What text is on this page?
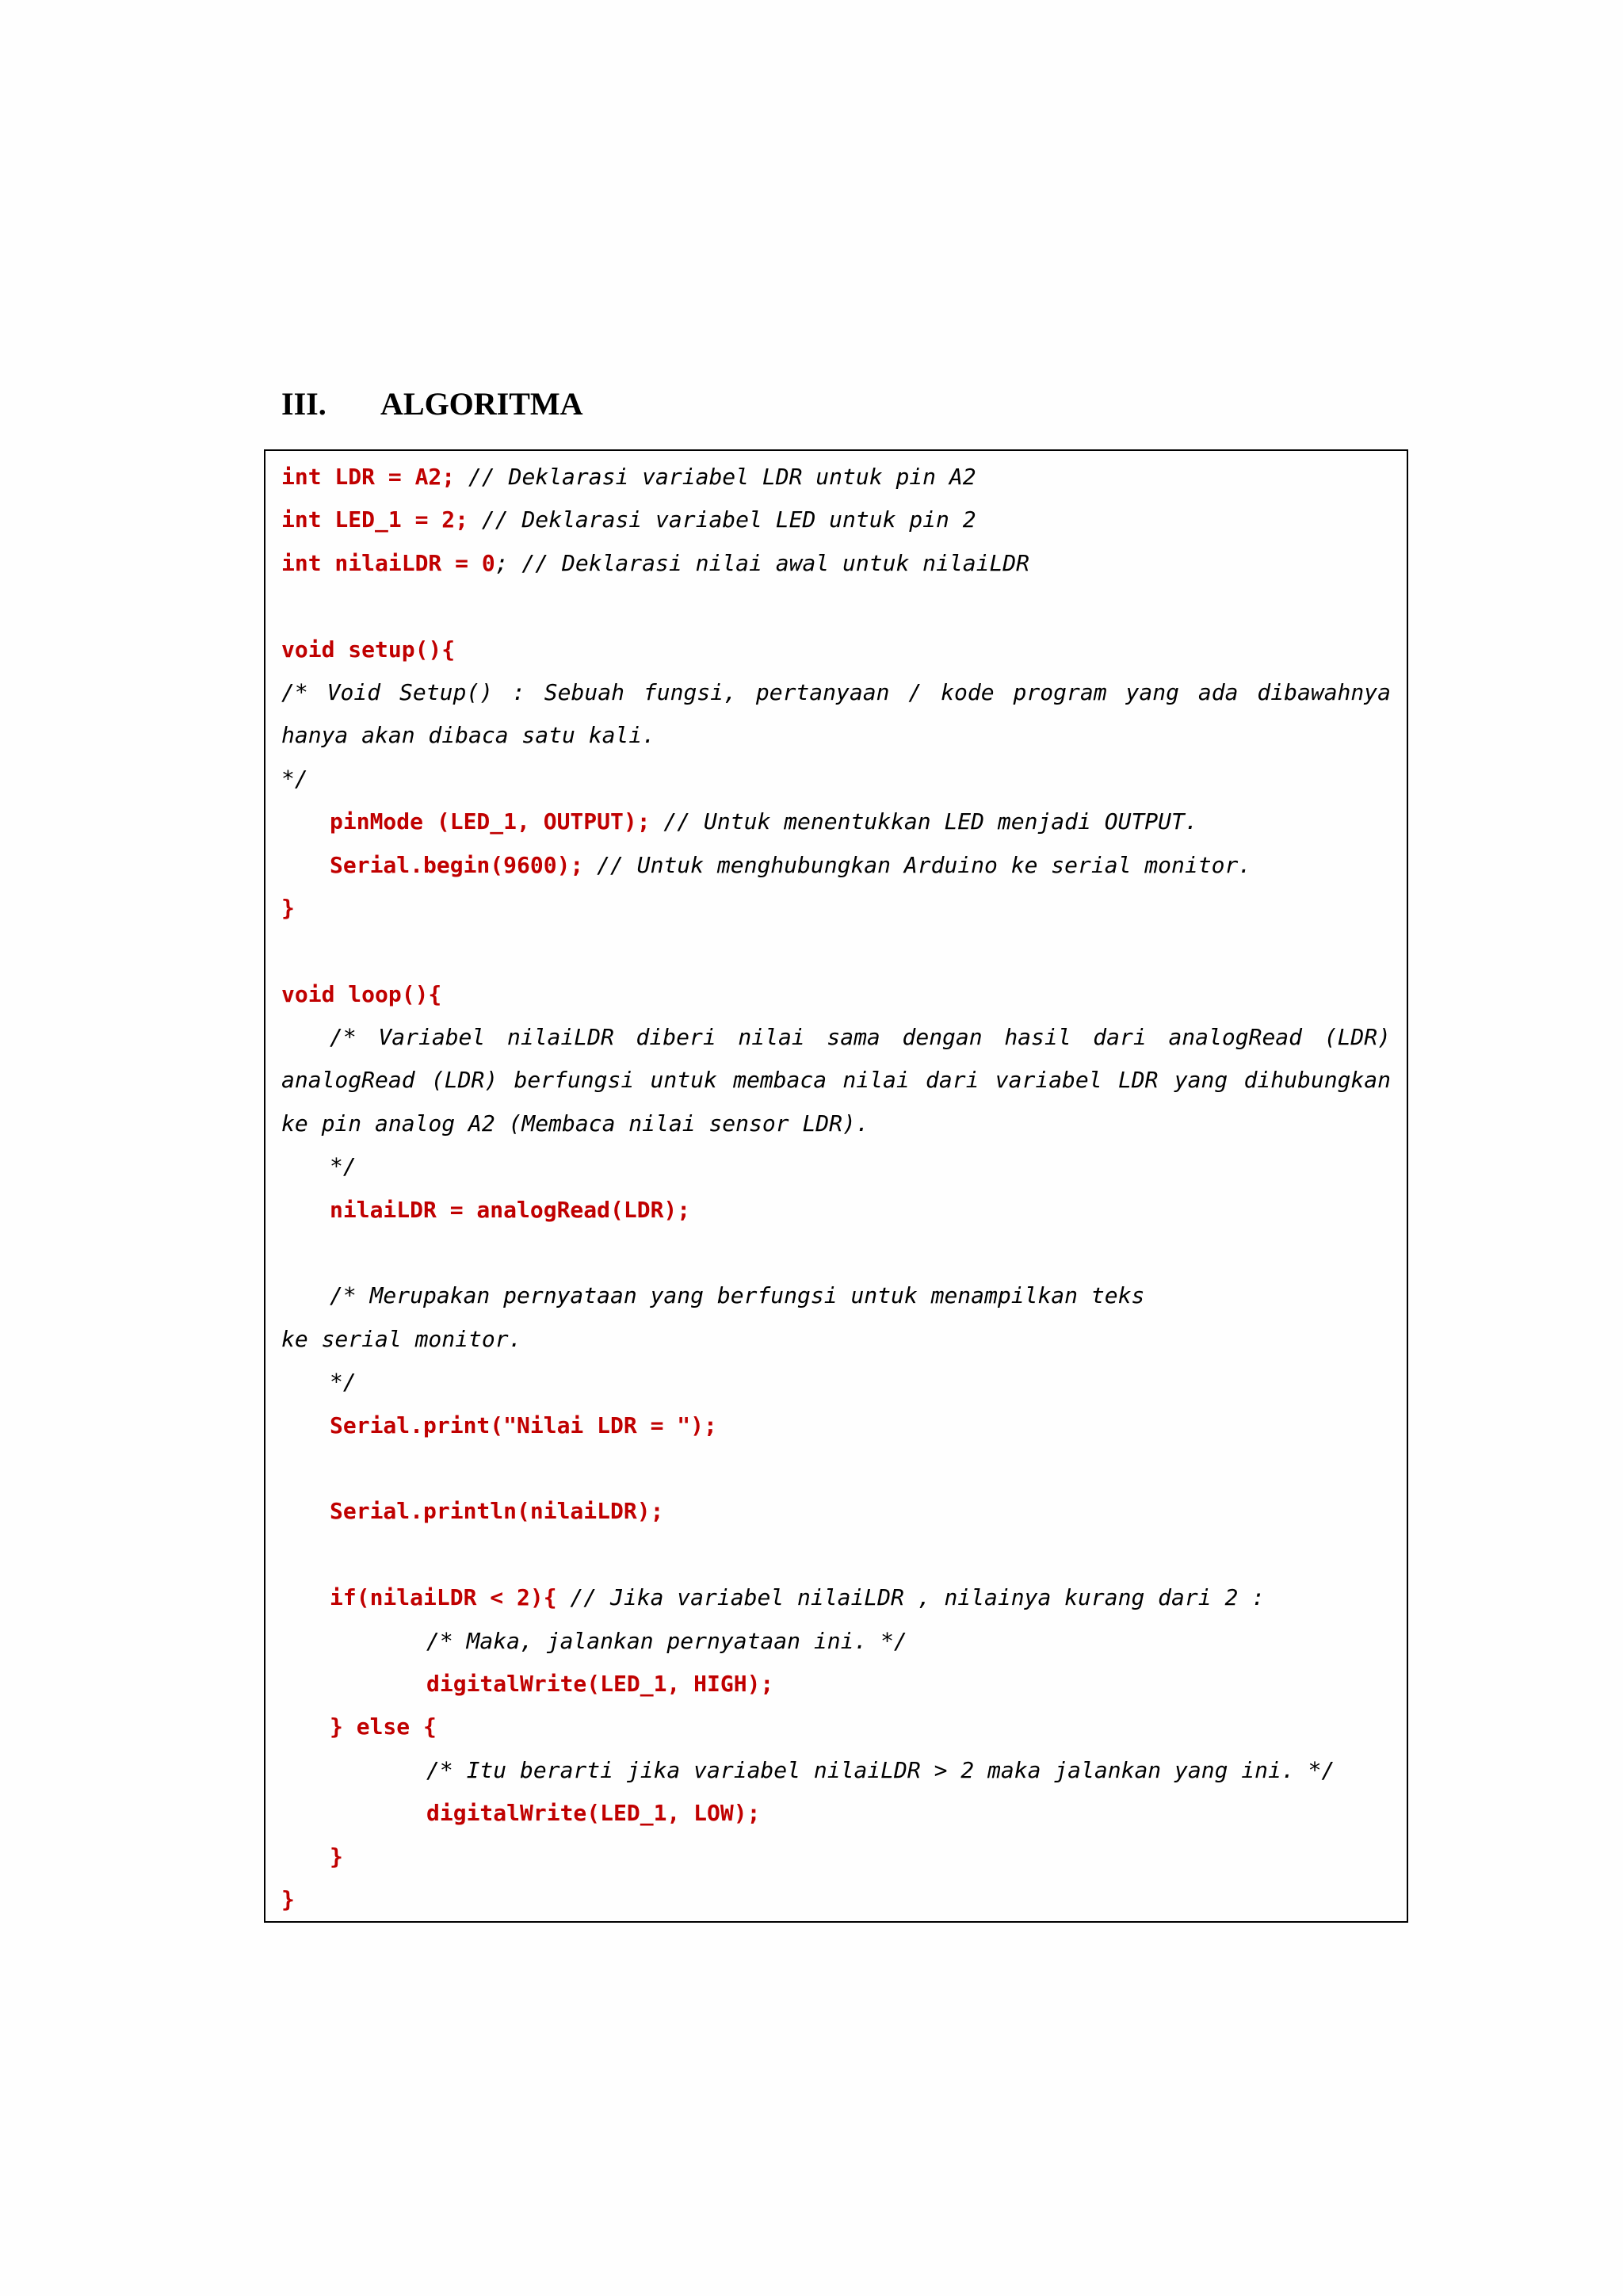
III. ALGORITMA
int LDR = A2; // Deklarasi variabel LDR untuk pin A2
int LED_1 = 2; // Deklarasi variabel LED untuk pin 2
int nilaiLDR = 0; // Deklarasi nilai awal untuk nilaiLDR
void setup(){
/* Void Setup() : Sebuah fungsi, pertanyaan / kode program yang ada dibawahnya
hanya akan dibaca satu kali.
*/
pinMode (LED_1, OUTPUT); // Untuk menentukkan LED menjadi OUTPUT.
Serial.begin(9600); // Untuk menghubungkan Arduino ke serial monitor.
}
void loop(){
/* Variabel nilaiLDR diberi nilai sama dengan hasil dari analogRead (LDR)
analogRead (LDR) berfungsi untuk membaca nilai dari variabel LDR yang dihubungkan
ke pin analog A2 (Membaca nilai sensor LDR).
*/
nilaiLDR = analogRead(LDR);
/* Merupakan pernyataan yang berfungsi untuk menampilkan teks
ke serial monitor.
*/
Serial.print("Nilai LDR = ");
Serial.println(nilaiLDR);
if(nilaiLDR < 2){ // Jika variabel nilaiLDR , nilainya kurang dari 2 :
/* Maka, jalankan pernyataan ini. */
digitalWrite(LED_1, HIGH);
} else {
/* Itu berarti jika variabel nilaiLDR > 2 maka jalankan yang ini. */
digitalWrite(LED_1, LOW);
}
}
